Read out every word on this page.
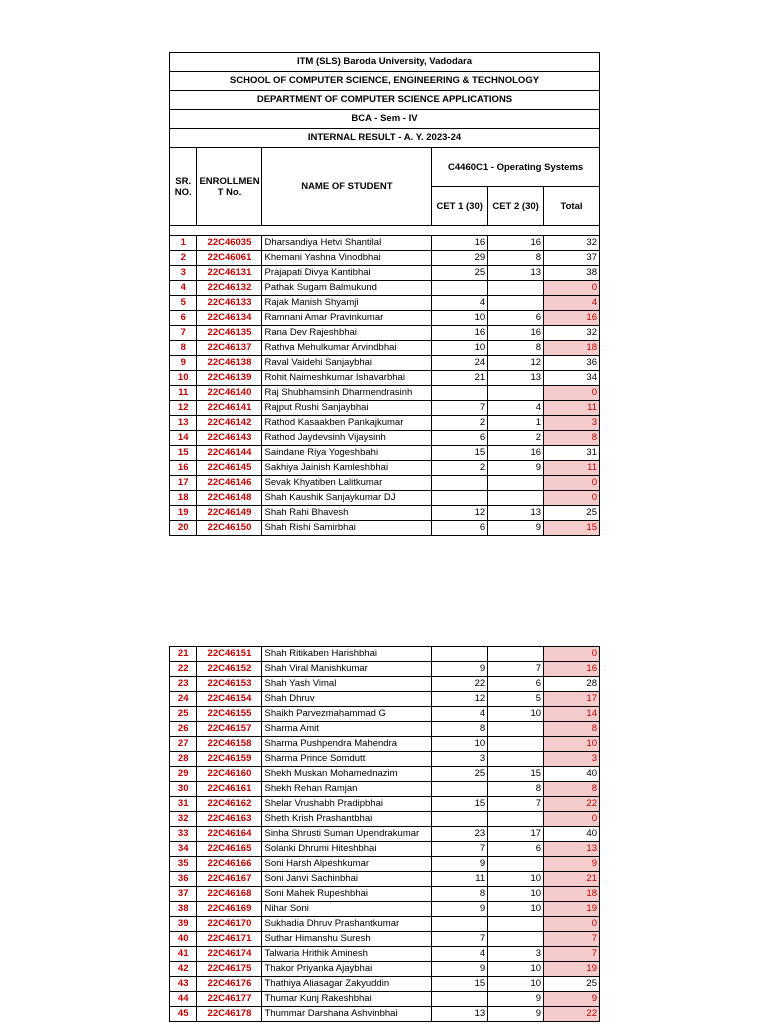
ITM (SLS) Baroda University, Vadodara					
SCHOOL OF COMPUTER SCIENCE, ENGINEERING & TECHNOLOGY					
DEPARTMENT OF COMPUTER SCIENCE APPLICATIONS					
BCA - Sem - IV					
INTERNAL RESULT - A. Y. 2023-24					
SR. NO.	ENROLLMEN T No.	NAME OF STUDENT	C4460C1 - Operating Systems		
			CET 1 (30)	CET 2 (30)	Total

1	22C46035	Dharsandiya Hetvi Shantilal	16	16	32
2	22C46061	Khemani Yashna Vinodbhai	29	8	37
3	22C46131	Prajapati Divya Kantibhai	25	13	38
4	22C46132	Pathak Sugam Balmukund			0
5	22C46133	Rajak Manish Shyamji	4		4
6	22C46134	Ramnani Amar Pravinkumar	10	6	16
7	22C46135	Rana Dev Rajeshbhai	16	16	32
8	22C46137	Rathva Mehulkumar Arvindbhai	10	8	18
9	22C46138	Raval Vaidehi Sanjaybhai	24	12	36
10	22C46139	Rohit Naimeshkumar Ishavarbhai	21	13	34
11	22C46140	Raj Shubhamsinh Dharmendrasinh			0
12	22C46141	Rajput Rushi Sanjaybhai	7	4	11
13	22C46142	Rathod Kasaakben Pankajkumar	2	1	3
14	22C46143	Rathod Jaydevsinh Vijaysinh	6	2	8
15	22C46144	Saindane Riya Yogeshbahi	15	16	31
16	22C46145	Sakhiya Jainish Kamleshbhai	2	9	11
17	22C46146	Sevak Khyatiben Lalitkumar			0
18	22C46148	Shah Kaushik Sanjaykumar DJ			0
19	22C46149	Shah Rahi Bhavesh	12	13	25
20	22C46150	Shah Rishi Samirbhai	6	9	15
21	22C46151	Shah Ritikaben Harishbhai			0
22	22C46152	Shah Viral Manishkumar	9	7	16
23	22C46153	Shah Yash Vimal	22	6	28
24	22C46154	Shah Dhruv	12	5	17
25	22C46155	Shaikh Parvezmahammad G	4	10	14
26	22C46157	Sharma Amit	8		8
27	22C46158	Sharma Pushpendra Mahendra	10		10
28	22C46159	Sharma Prince Somdutt	3		3
29	22C46160	Shekh Muskan Mohamednazim	25	15	40
30	22C46161	Shekh Rehan Ramjan		8	8
31	22C46162	Shelar Vrushabh Pradipbhai	15	7	22
32	22C46163	Sheth Krish Prashantbhai			0
33	22C46164	Sinha Shrusti Suman Upendrakumar	23	17	40
34	22C46165	Solanki Dhrumi Hiteshbhai	7	6	13
35	22C46166	Soni Harsh Alpeshkumar	9		9
36	22C46167	Soni Janvi Sachinbhai	11	10	21
37	22C46168	Soni Mahek Rupeshbhai	8	10	18
38	22C46169	Nihar Soni	9	10	19
39	22C46170	Sukhadia Dhruv Prashantkumar			0
40	22C46171	Suthar Himanshu Suresh	7		7
41	22C46174	Talwaria Hrithik Aminesh	4	3	7
42	22C46175	Thakor Priyanka Ajaybhai	9	10	19
43	22C46176	Thathiya Aliasagar Zakyuddin	15	10	25
44	22C46177	Thumar Kunj Rakeshbhai		9	9
45	22C46178	Thummar Darshana Ashvinbhai	13	9	22
